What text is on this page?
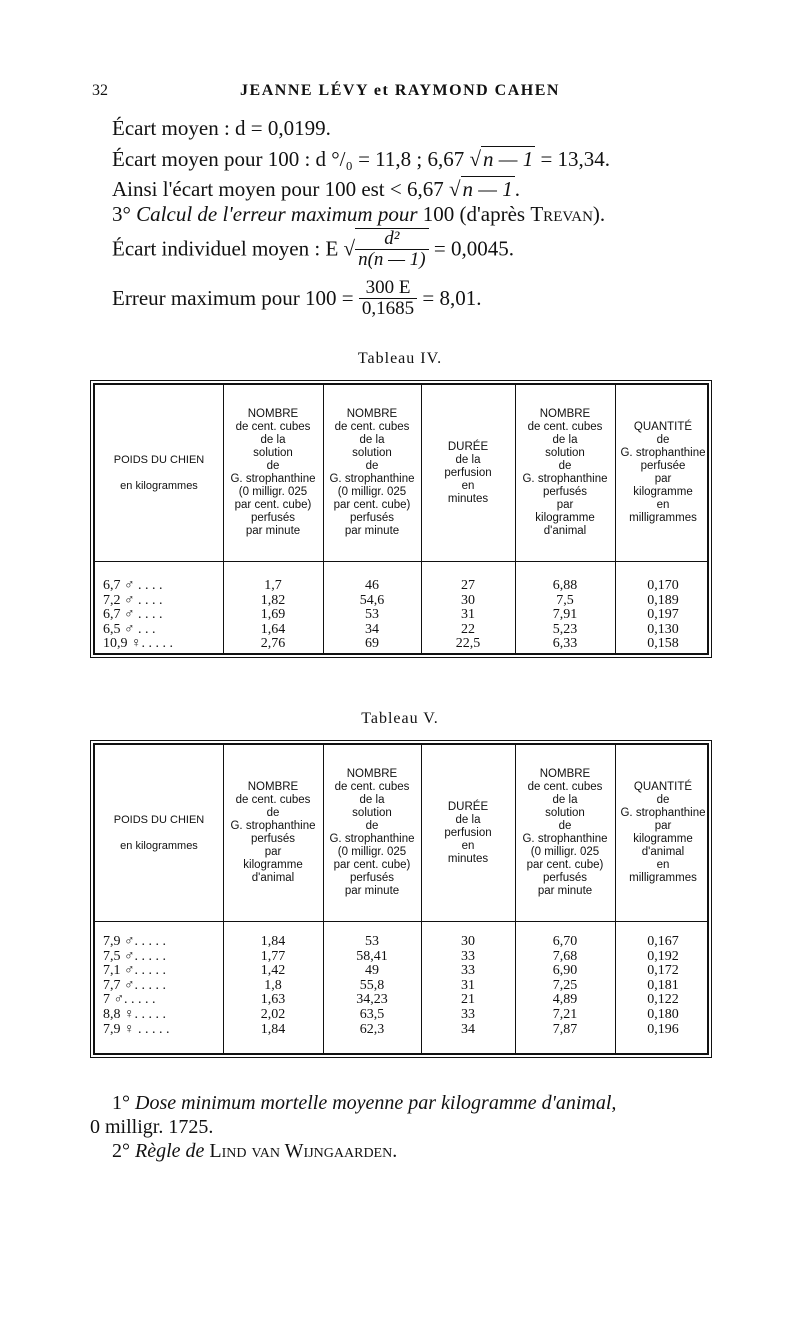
32	JEANNE LÉVY et RAYMOND CAHEN
Écart moyen : d = 0,0199.
Écart moyen pour 100 : d °/₀ = 11,8 ; 6,67 √n — 1 = 13,34.
Ainsi l'écart moyen pour 100 est < 6,67 √n — 1.
3° Calcul de l'erreur maximum pour 100 (d'après Trevan).
Écart individuel moyen : E √ $\frac{\text{d²}}{n(n — 1)} = 0,0045$.
Erreur maximum pour $100 = \frac{300 E}{0,1685} = 8,01$.
Tableau IV.
POIDS DU CHIEN

en kilogrammes
NOMBRE
de cent. cubes
de la
solution
de
G. strophanthine
(0 milligr. 025
par cent. cube)
perfusés
par minute
NOMBRE
de cent. cubes
de la
solution
de
G. strophanthine
(0 milligr. 025
par cent. cube)
perfusés
par minute
DURÉE
de la
perfusion
en
minutes
NOMBRE
de cent. cubes
de la
solution
de
G. strophanthine
perfusés
par
kilogramme
d'animal
QUANTITÉ
de
G. strophanthine
perfusée
par
kilogramme
en
milligrammes
6,7 ♂ . . . .
7,2 ♂ . . . .
6,7 ♂ . . . .
6,5 ♂ . . .
10,9 ♀. . . . .
1,7
1,82
1,69
1,64
2,76
46
54,6
53
34
69
27
30
31
22
22,5
6,88
7,5
7,91
5,23
6,33
0,170
0,189
0,197
0,130
0,158
Tableau V.
POIDS DU CHIEN

en kilogrammes
NOMBRE
de cent. cubes
de
G. strophanthine
perfusés
par
kilogramme
d'animal
NOMBRE
de cent. cubes
de la
solution
de
G. strophanthine
(0 milligr. 025
par cent. cube)
perfusés
par minute
DURÉE
de la
perfusion
en
minutes
NOMBRE
de cent. cubes
de la
solution
de
G. strophanthine
(0 milligr. 025
par cent. cube)
perfusés
par minute
QUANTITÉ
de
G. strophanthine
par
kilogramme
d'animal
en
milligrammes
7,9 ♂. . . . .
7,5 ♂. . . . .
7,1 ♂. . . . .
7,7 ♂. . . . .
7 ♂. . . . .
8,8 ♀. . . . .
7,9 ♀ . . . . .
1,84
1,77
1,42
1,8
1,63
2,02
1,84
53
58,41
49
55,8
34,23
63,5
62,3
30
33
33
31
21
33
34
6,70
7,68
6,90
7,25
4,89
7,21
7,87
0,167
0,192
0,172
0,181
0,122
0,180
0,196
1° Dose minimum mortelle moyenne par kilogramme d'animal,
0 milligr. 1725.
2° Règle de Lind van Wijngaarden.
